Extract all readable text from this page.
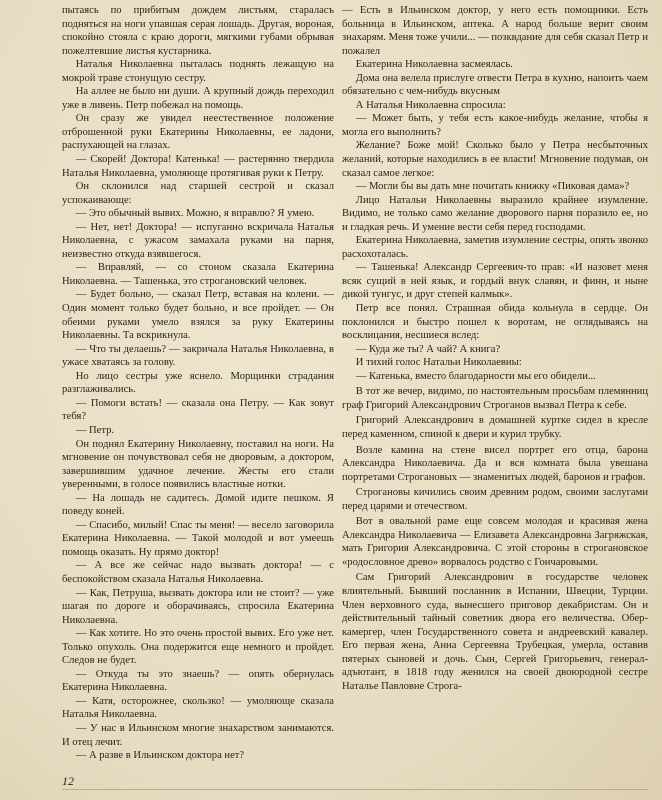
пытаясь по прибитым дождем листьям, стараласъ подняться на ноги упавшая серая лошадь. Другая, вороная, спокойно стояла с краю дороги, мягкими губами обрывая пожелтевшие листья кустарника.

Наталья Николаевна пыталась поднять лежащую на мокрой траве стонущую сестру.

На аллее не было ни души. А крупный дождь переходил уже в ливень. Петр побежал на помощь.

Он сразу же увидел неестественное положение отброшенной руки Екатерины Николаевны, ее ладони, распухающей на глазах.

— Скорей! Доктора! Катенька! — растерянно твердила Наталья Николаевна, умоляюще протягивая руки к Петру.

Он склонился над старшей сестрой и сказал успокаивающе:

— Это обычный вывих. Можно, я вправлю? Я умею.

— Нет, нет! Доктора! — испуганно вскричала Наталья Николаевна, с ужасом замахала руками на парня, неизвестно откуда взявшегося.

— Вправляй, — со стоном сказала Екатерина Николаевна. — Ташенька, это строгановский человек.

— Будет больно, — сказал Петр, вставая на колени. — Один момент только будет больно, и все пройдет. — Он обеими руками умело взялся за руку Екатерины Николаевны. Та вскрикнула.

— Что ты делаешь? — закричала Наталья Николаевна, в ужасе хватаясь за голову.

Но лицо сестры уже яснело. Морщинки страдания разглаживались.

— Помоги встать! — сказала она Петру. — Как зовут тебя?

— Петр.

Он поднял Екатерину Николаевну, поставил на ноги. На мгновение он почувствовал себя не дворовым, а доктором, завершившим удачное лечение. Жесты его стали уверенными, в голосе появились властные нотки.

— На лошадь не садитесь. Домой идите пешком. Я поведу коней.

— Спасибо, милый! Спас ты меня! — весело заговорила Екатерина Николаевна. — Такой молодой и вот умеешь помощь оказать. Ну прямо доктор!

— А все же сейчас надо вызвать доктора! — с беспокойством сказала Наталья Николаевна.

— Как, Петруша, вызвать доктора или не стоит? — уже шагая по дороге и оборачиваясь, спросила Екатерина Николаевна.

— Как хотите. Но это очень простой вывих. Его уже нет. Только опухоль. Она подержится еще немного и пройдет. Следов не будет.

— Откуда ты это знаешь? — опять обернулась Екатерина Николаевна.

— Катя, осторожнее, скользко! — умоляюще сказала Наталья Николаевна.

— У нас в Ильинском многие знахарством занимаются. И отец лечит.

— А разве в Ильинском доктора нет?

— Есть в Ильинском доктор, у него есть помощники. Есть больница в Ильинском, аптека. А народ больше верит своим знахарям. Меня тоже учили... — позквдание для себя сказал Петр и пожалел

Екатерина Николаевна засмеялась.

Дома она велела прислуге отвести Петра в кухню, напоить чаем обязательно с чем-нибудь вкусным

А Наталья Николаевна спросила:

— Может быть, у тебя есть какое-нибудь желание, чтобы я могла его выполнить?

Желание? Боже мой! Сколько было у Петра несбыточных желаний, которые находились в ее власти! Мгновение подумав, он сказал самое легкое:

— Могли бы вы дать мне почитать книжку «Пиковая дама»?

Лицо Натальи Николаевны выразило крайнее изумление. Видимо, не только само желание дворового парня поразило ее, но и гладкая речь. И умение вести себя перед господами.

Екатерина Николаевна, заметив изумление сестры, опять звонко расхохоталась.

— Ташенька! Александр Сергеевич-то прав: «И назовет меня всяк сущий в ней язык, и гордый внук славян, и финн, и ныне дикой тунгус, и друг степей калмык».

Петр все понял. Страшная обида кольнула в сердце. Он поклонился и быстро пошел к воротам, не оглядываясь на восклицания, несшиеся вслед:

— Куда же ты? А чай? А книга?

И тихий голос Натальи Николаевны:

— Катенька, вместо благодарности мы его обидели...

В тот же вечер, видимо, по настоятельным просьбам племянниц граф Григорий Александрович Строганов вызвал Петра к себе.

Григорий Александрович в домашней куртке сидел в кресле перед каменном, спиной к двери и курил трубку.

Возле камина на стене висел портрет его отца, барона Александра Николаевича. Да и вся комната была увешана портретами Строгановых — знаменитых людей, баронов и графов.

Строгановы кичились своим древним родом, своими заслугами перед царями и отечеством.

Вот в овальной раме еще совсем молодая и красивая жена Александра Николаевича — Елизавета Александровна Загряжская, мать Григория Александровича. С этой стороны в строгановское «родословное древо» ворвалось родство с Гончаровыми.

Сам Григорий Александрович в государстве человек влиятельный. Бывший посланник в Испании, Швеции, Турции. Член верховного суда, вынесшего приговор декабристам. Он и действительный тайный советник двора его величества. Обер-камергер, член Государственного совета и андреевский кавалер. Его первая жена, Анна Сергеевна Трубецкая, умерла, оставив пятерых сыновей и дочь. Сын, Сергей Григорьевич, генерал-адъютант, в 1818 году женился на своей двоюродной сестре Наталье Павловне Строга-

12
